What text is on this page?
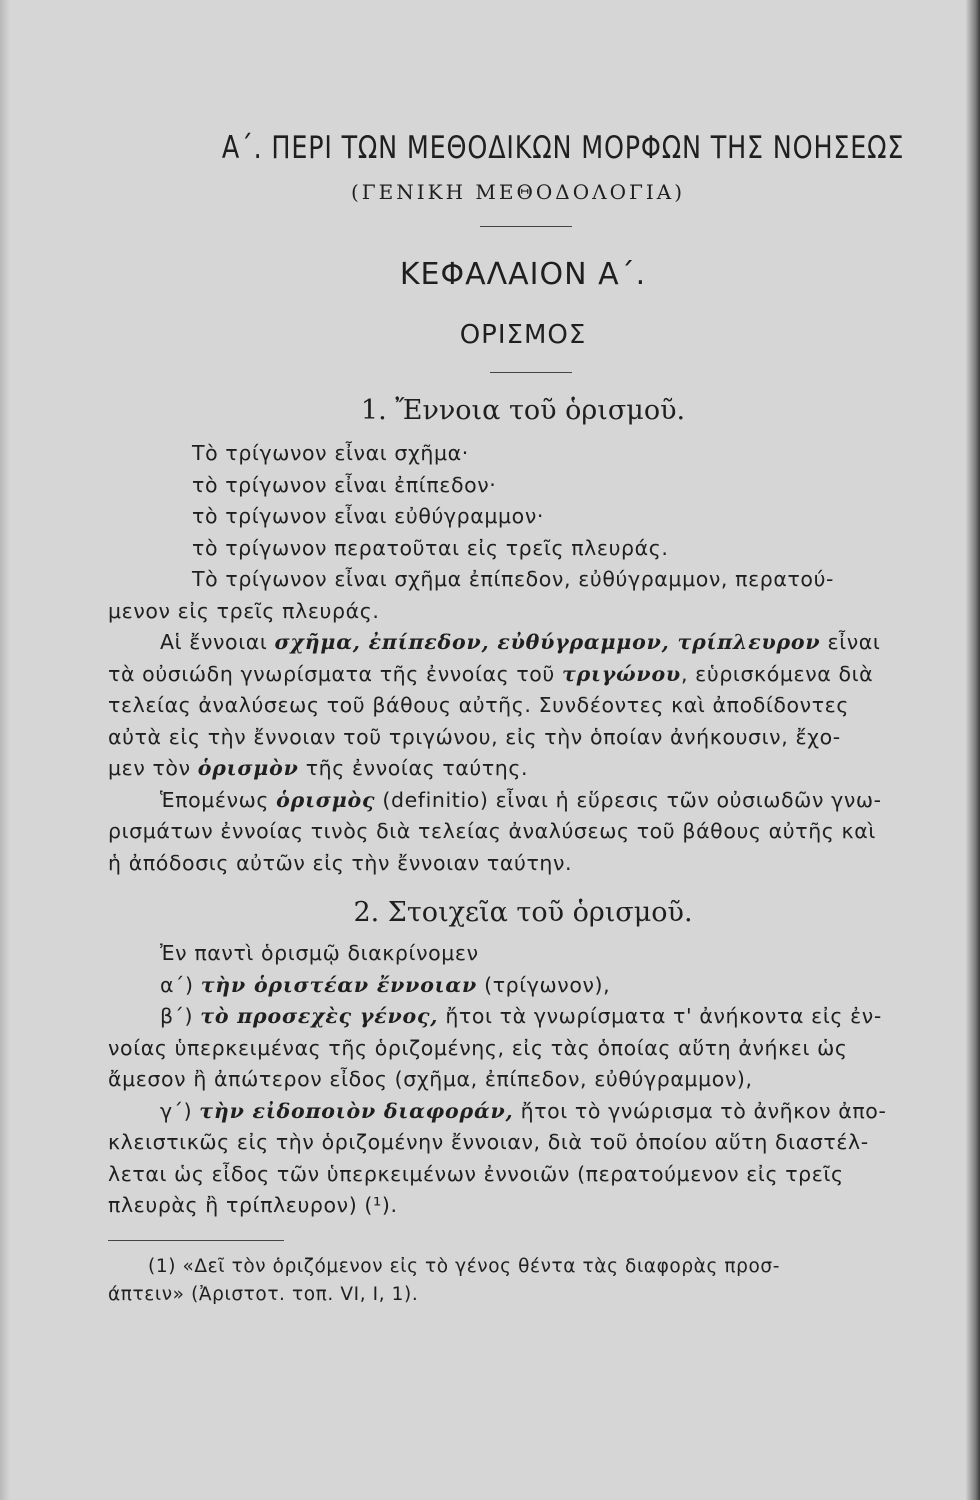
Α΄. ΠΕΡΙ ΤΩΝ ΜΕΘΟΔΙΚΩΝ ΜΟΡΦΩΝ ΤΗΣ ΝΟΗΣΕΩΣ
(ΓΕΝΙΚΗ ΜΕΘΟΔΟΛΟΓΙΑ)
ΚΕΦΑΛΑΙΟΝ Α΄.
ΟΡΙΣΜΟΣ
1. Ἔννοια τοῦ ὁρισμοῦ.
Τὸ τρίγωνον εἶναι σχῆμα·
τὸ τρίγωνον εἶναι ἐπίπεδον·
τὸ τρίγωνον εἶναι εὐθύγραμμον·
τὸ τρίγωνον περατοῦται εἰς τρεῖς πλευράς.
Τὸ τρίγωνον εἶναι σχῆμα ἐπίπεδον, εὐθύγραμμον, περατού-
μενον εἰς τρεῖς πλευράς.
Αἱ ἔννοιαι σχῆμα, ἐπίπεδον, εὐθύγραμμον, τρίπλευρον εἶναι
τὰ οὐσιώδη γνωρίσματα τῆς ἐννοίας τοῦ τριγώνου, εὑρισκόμενα διὰ
τελείας ἀναλύσεως τοῦ βάθους αὐτῆς. Συνδέοντες καὶ ἀποδίδοντες
αὐτὰ εἰς τὴν ἔννοιαν τοῦ τριγώνου, εἰς τὴν ὁποίαν ἀνήκουσιν, ἔχο-
μεν τὸν ὁρισμὸν τῆς ἐννοίας ταύτης.
Ἑπομένως ὁρισμὸς (definitio) εἶναι ἡ εὕρεσις τῶν οὐσιωδῶν γνω-
ρισμάτων ἐννοίας τινὸς διὰ τελείας ἀναλύσεως τοῦ βάθους αὐτῆς καὶ
ἡ ἀπόδοσις αὐτῶν εἰς τὴν ἔννοιαν ταύτην.
2. Στοιχεῖα τοῦ ὁρισμοῦ.
Ἐν παντὶ ὁρισμῷ διακρίνομεν
α΄) τὴν ὁριστέαν ἔννοιαν (τρίγωνον),
β΄) τὸ προσεχὲς γένος, ἤτοι τὰ γνωρίσματα τ' ἀνήκοντα εἰς ἐν-
νοίας ὑπερκειμένας τῆς ὁριζομένης, εἰς τὰς ὁποίας αὕτη ἀνήκει ὡς
ἄμεσον ἢ ἀπώτερον εἶδος (σχῆμα, ἐπίπεδον, εὐθύγραμμον),
γ΄) τὴν εἰδοποιὸν διαφοράν, ἤτοι τὸ γνώρισμα τὸ ἀνῆκον ἀπο-
κλειστικῶς εἰς τὴν ὁριζομένην ἔννοιαν, διὰ τοῦ ὁποίου αὕτη διαστέλ-
λεται ὡς εἶδος τῶν ὑπερκειμένων ἐννοιῶν (περατούμενον εἰς τρεῖς
πλευρὰς ἢ τρίπλευρον) (¹).
(1) «Δεῖ τὸν ὁριζόμενον εἰς τὸ γένος θέντα τὰς διαφορὰς προσ-
άπτειν» (Ἀριστοτ. τοπ. VI, I, 1).
